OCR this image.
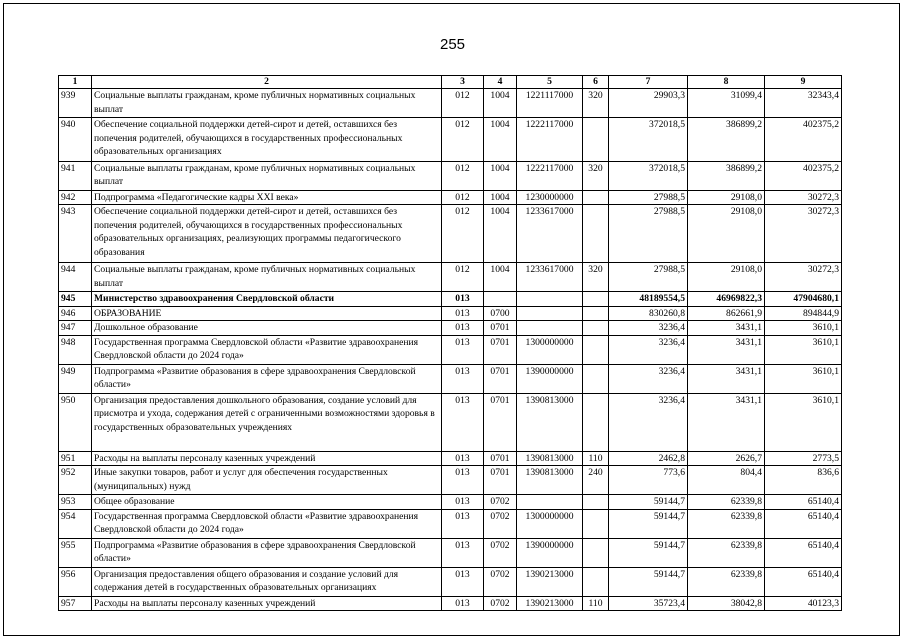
255
1	2	3	4	5	6	7	8	9
939	Социальные выплаты гражданам, кроме публичных нормативных социальных выплат	012	1004	1221117000	320	29903,3	31099,4	32343,4
940	Обеспечение социальной поддержки детей-сирот и детей, оставшихся без попечения родителей, обучающихся в государственных профессиональных образовательных организациях	012	1004	1222117000		372018,5	386899,2	402375,2
941	Социальные выплаты гражданам, кроме публичных нормативных социальных выплат	012	1004	1222117000	320	372018,5	386899,2	402375,2
942	Подпрограмма «Педагогические кадры XXI века»	012	1004	1230000000		27988,5	29108,0	30272,3
943	Обеспечение социальной поддержки детей-сирот и детей, оставшихся без попечения родителей, обучающихся в государственных профессиональных образовательных организациях, реализующих программы педагогического образования	012	1004	1233617000		27988,5	29108,0	30272,3
944	Социальные выплаты гражданам, кроме публичных нормативных социальных выплат	012	1004	1233617000	320	27988,5	29108,0	30272,3
945	Министерство здравоохранения Свердловской области	013				48189554,5	46969822,3	47904680,1
946	ОБРАЗОВАНИЕ	013	0700			830260,8	862661,9	894844,9
947	Дошкольное образование	013	0701			3236,4	3431,1	3610,1
948	Государственная программа Свердловской области «Развитие здравоохранения Свердловской области до 2024 года»	013	0701	1300000000		3236,4	3431,1	3610,1
949	Подпрограмма «Развитие образования в сфере здравоохранения Свердловской области»	013	0701	1390000000		3236,4	3431,1	3610,1
950	Организация предоставления дошкольного образования, создание условий для присмотра и ухода, содержания детей с ограниченными возможностями здоровья в государственных образовательных учреждениях	013	0701	1390813000		3236,4	3431,1	3610,1
951	Расходы на выплаты персоналу казенных учреждений	013	0701	1390813000	110	2462,8	2626,7	2773,5
952	Иные закупки товаров, работ и услуг для обеспечения государственных (муниципальных) нужд	013	0701	1390813000	240	773,6	804,4	836,6
953	Общее образование	013	0702			59144,7	62339,8	65140,4
954	Государственная программа Свердловской области «Развитие здравоохранения Свердловской области до 2024 года»	013	0702	1300000000		59144,7	62339,8	65140,4
955	Подпрограмма «Развитие образования в сфере здравоохранения Свердловской области»	013	0702	1390000000		59144,7	62339,8	65140,4
956	Организация предоставления общего образования и создание условий для содержания детей в государственных образовательных организациях	013	0702	1390213000		59144,7	62339,8	65140,4
957	Расходы на выплаты персоналу казенных учреждений	013	0702	1390213000	110	35723,4	38042,8	40123,3
